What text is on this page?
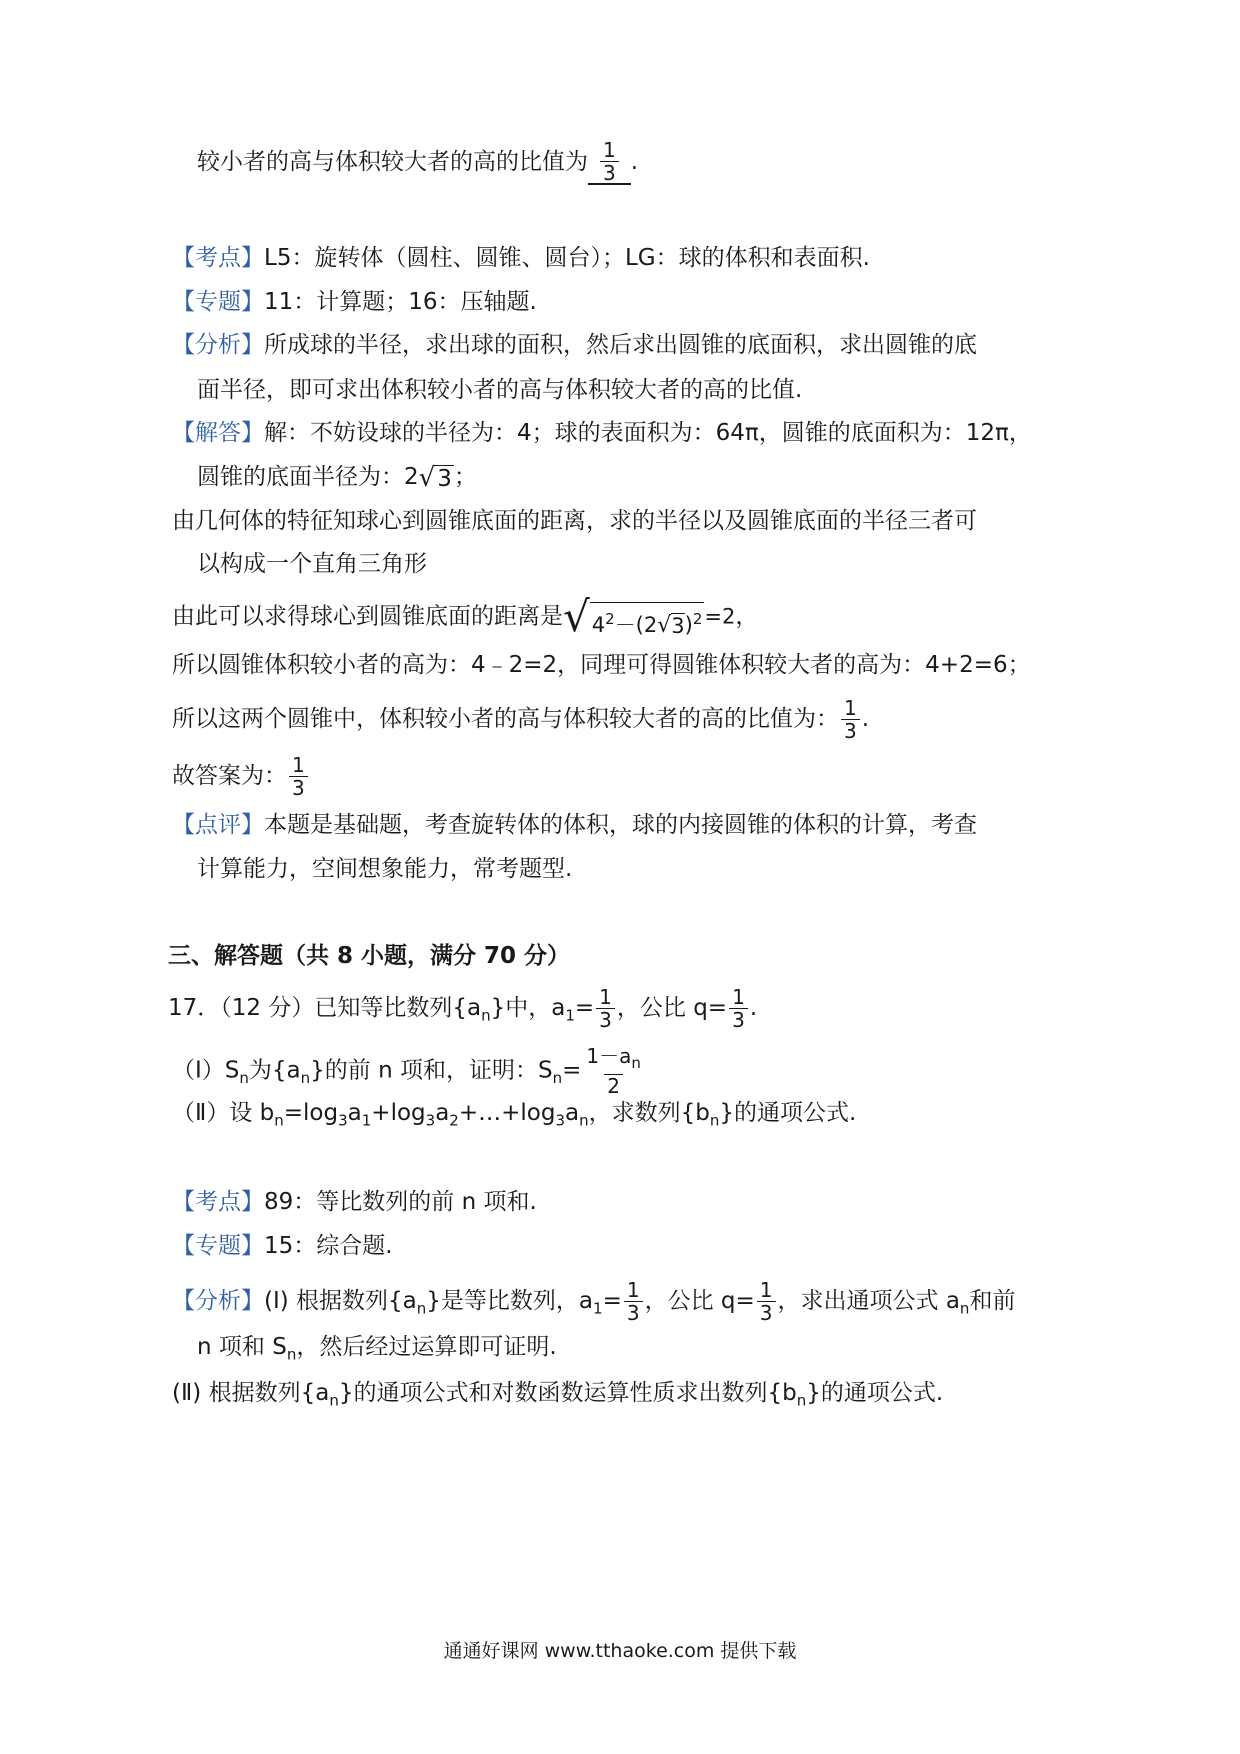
较小者的高与体积较大者的高的比值为 $\frac{1}{3}$ .
【考点】L5：旋转体（圆柱、圆锥、圆台）；LG：球的体积和表面积.
【专题】11：计算题；16：压轴题.
【分析】所成球的半径，求出球的面积，然后求出圆锥的底面积，求出圆锥的底
面半径，即可求出体积较小者的高与体积较大者的高的比值.
【解答】解：不妨设球的半径为：4；球的表面积为：64π，圆锥的底面积为：12π，
圆锥的底面半径为：2 √ 3 ；
由几何体的特征知球心到圆锥底面的距离，求的半径以及圆锥底面的半径三者可
以构成一个直角三角形
由此可以求得球心到圆锥底面的距离是 √ $4^2-(2$ √ 3 )$^2$ =2，
所以圆锥体积较小者的高为：4﹣2=2，同理可得圆锥体积较大者的高为：4+2=6；
所以这两个圆锥中，体积较小者的高与体积较大者的高的比值为： $\frac{1}{3}$ .
故答案为： $\frac{1}{3}$
【点评】本题是基础题，考查旋转体的体积，球的内接圆锥的体积的计算，考查
计算能力，空间想象能力，常考题型.
三、解答题（共 8 小题，满分 70 分）
17．（12 分）已知等比数列$\{a_n\}$中，$a_1= \frac{1}{3}$ ，公比 $q= \frac{1}{3}$ .
$(Ⅰ)S_n$为$\{a_n\}$的前 n 项和，证明：$S_n= \frac{1-a_n}{2}$
（Ⅱ）设 $b_n=\log_3a_1+\log_3a_2+\dots+\log_3a_n$，求数列$\{b_n\}$的通项公式.
【考点】89：等比数列的前 n 项和.
【专题】15：综合题.
【分析】(Ⅰ) 根据数列$\{a_n\}$是等比数列，$a_1= \frac{1}{3}$ ，公比 $q= \frac{1}{3}$ ，求出通项公式 $a_n$和前
n 项和 $S_n$，然后经过运算即可证明.
(Ⅱ) 根据数列$\{a_n\}$的通项公式和对数函数运算性质求出数列$\{b_n\}$的通项公式.
通通好课网 www.tthaoke.com 提供下载
